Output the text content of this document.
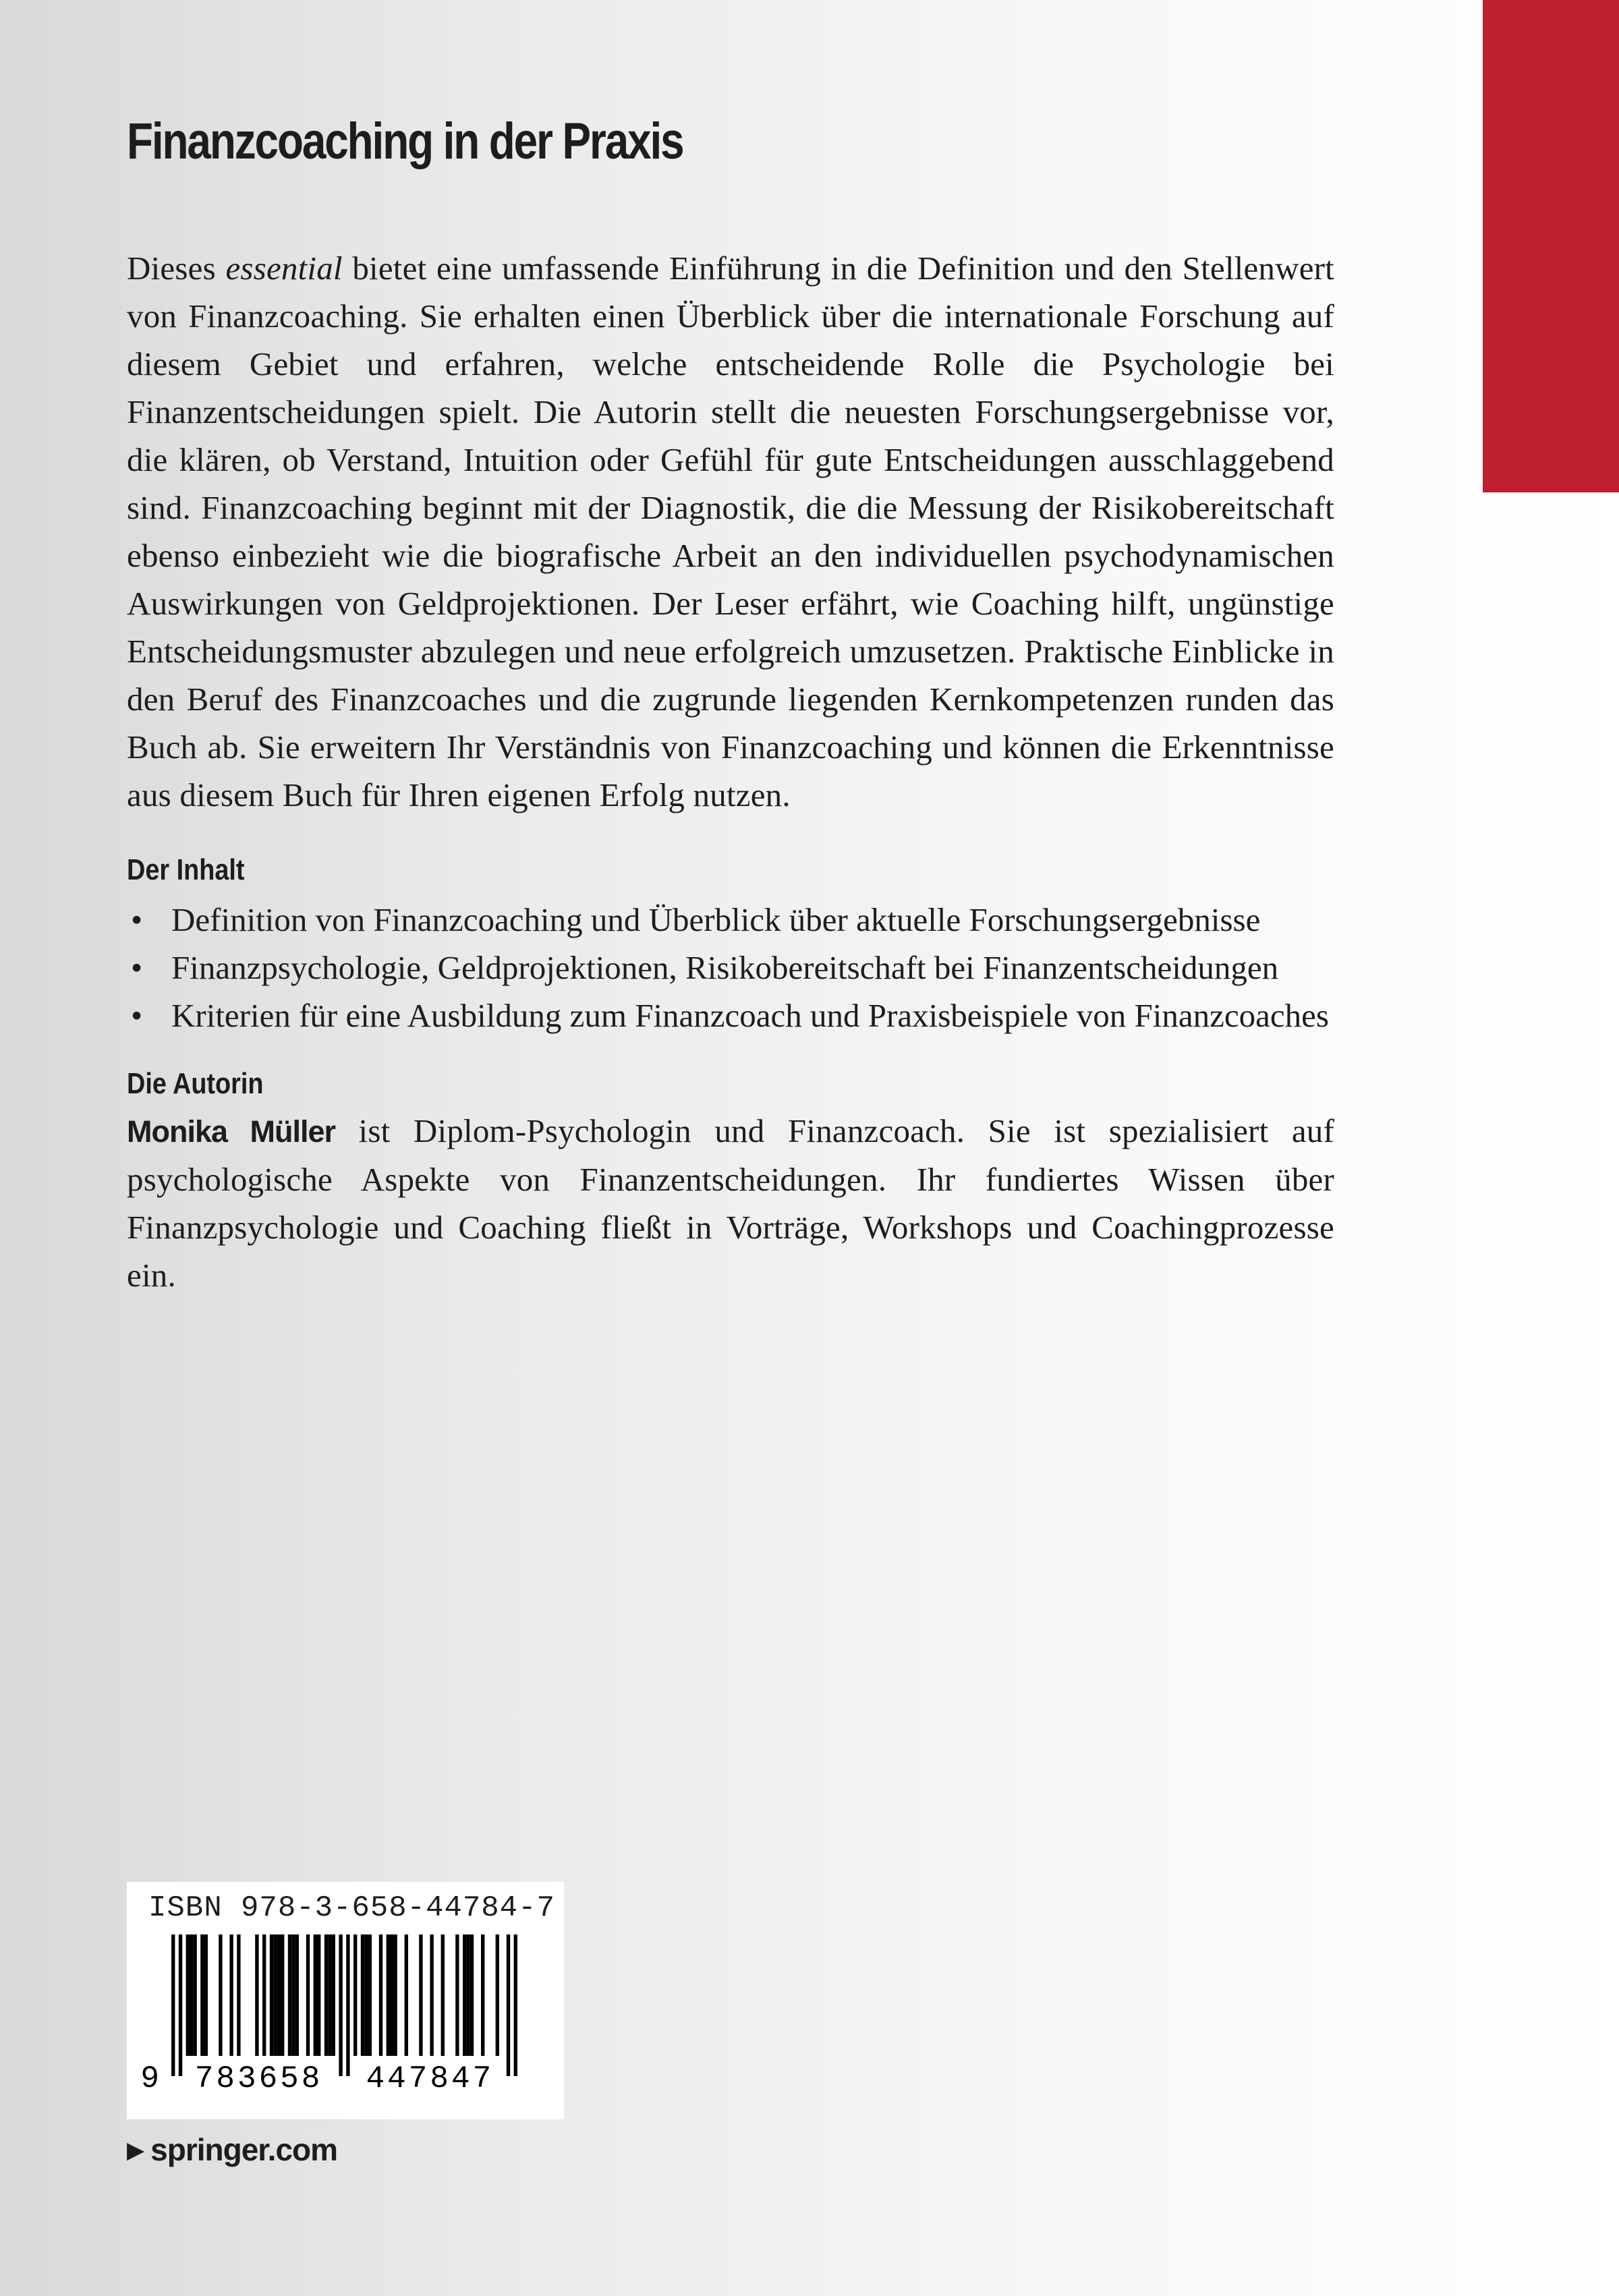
Finanzcoaching in der Praxis

Dieses essential bietet eine umfassende Einführung in die Definition und den Stellenwert von Finanzcoaching. Sie erhalten einen Überblick über die internationale Forschung auf diesem Gebiet und erfahren, welche entscheidende Rolle die Psychologie bei Finanzentscheidungen spielt. Die Autorin stellt die neuesten Forschungsergebnisse vor, die klären, ob Verstand, Intuition oder Gefühl für gute Entscheidungen ausschlaggebend sind. Finanzcoaching beginnt mit der Diagnostik, die die Messung der Risikobereitschaft ebenso einbezieht wie die biografische Arbeit an den individuellen psychodynamischen Auswirkungen von Geldprojektionen. Der Leser erfährt, wie Coaching hilft, ungünstige Entscheidungsmuster abzulegen und neue erfolgreich umzusetzen. Praktische Einblicke in den Beruf des Finanzcoaches und die zugrunde liegenden Kernkompetenzen runden das Buch ab. Sie erweitern Ihr Verständnis von Finanzcoaching und können die Erkenntnisse aus diesem Buch für Ihren eigenen Erfolg nutzen.

Der Inhalt
• Definition von Finanzcoaching und Überblick über aktuelle Forschungsergebnisse
• Finanzpsychologie, Geldprojektionen, Risikobereitschaft bei Finanzentscheidungen
• Kriterien für eine Ausbildung zum Finanzcoach und Praxisbeispiele von Finanzcoaches
Die Autorin

Monika Müller ist Diplom-Psychologin und Finanzcoach. Sie ist spezialisiert auf psychologische Aspekte von Finanzentscheidungen. Ihr fundiertes Wissen über Finanzpsychologie und Coaching fließt in Vorträge, Workshops und Coachingprozesse ein.

ISBN 978-3-658-44784-7
9 783658 447847
▶ springer.com
